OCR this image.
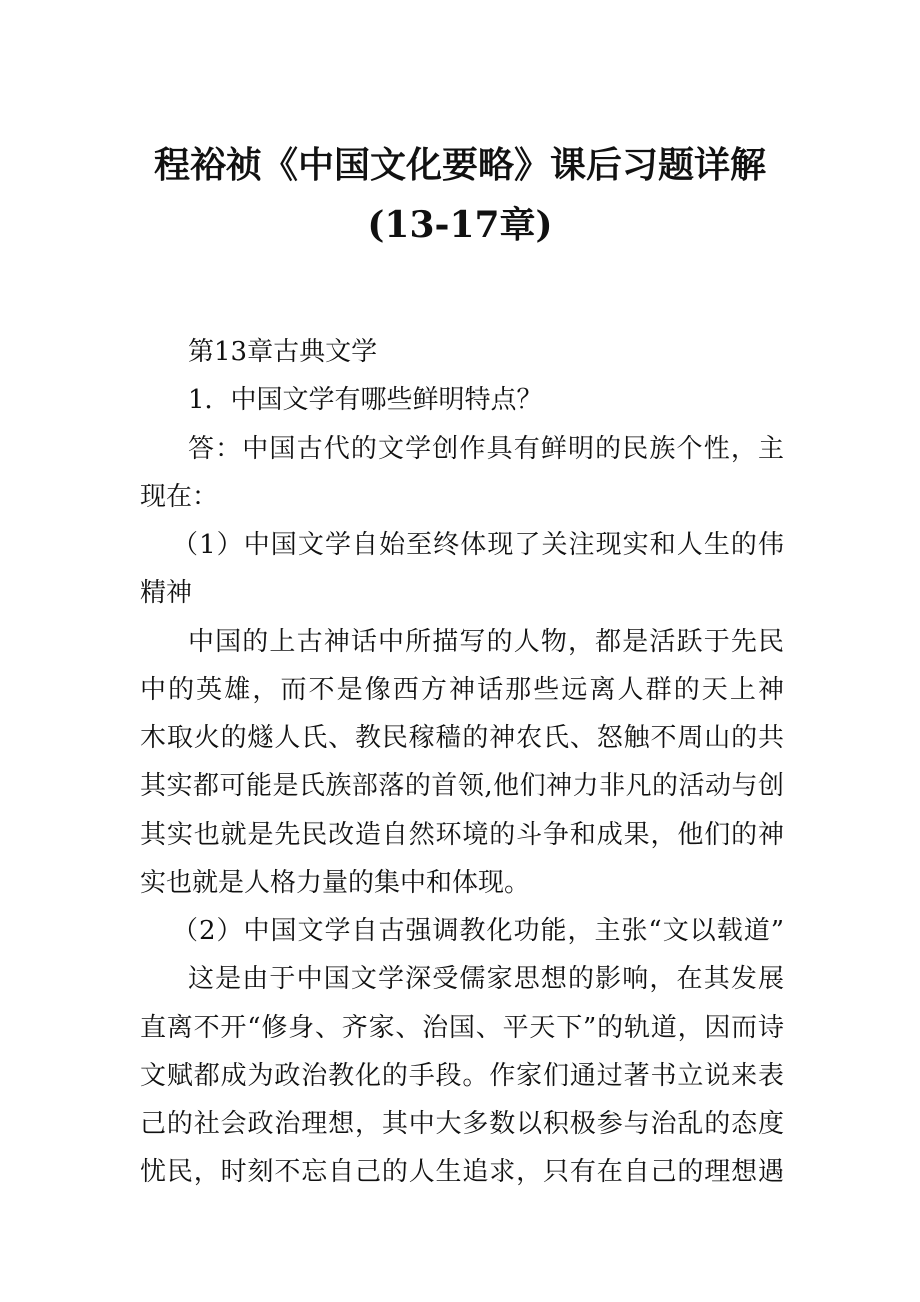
程裕祯《中国文化要略》课后习题详解
(13-17章)
第13章古典文学
1．中国文学有哪些鲜明特点？
答：中国古代的文学创作具有鲜明的民族个性，主
现在：
（1）中国文学自始至终体现了关注现实和人生的伟
精神
中国的上古神话中所描写的人物，都是活跃于先民
中的英雄，而不是像西方神话那些远离人群的天上神
木取火的燧人氏、教民稼穑的神农氏、怒触不周山的共
其实都可能是氏族部落的首领,他们神力非凡的活动与创
其实也就是先民改造自然环境的斗争和成果，他们的神
实也就是人格力量的集中和体现。
（2）中国文学自古强调教化功能，主张“文以载道”
这是由于中国文学深受儒家思想的影响，在其发展
直离不开“修身、齐家、治国、平天下”的轨道，因而诗
文赋都成为政治教化的手段。作家们通过著书立说来表
己的社会政治理想，其中大多数以积极参与治乱的态度
忧民，时刻不忘自己的人生追求，只有在自己的理想遇
